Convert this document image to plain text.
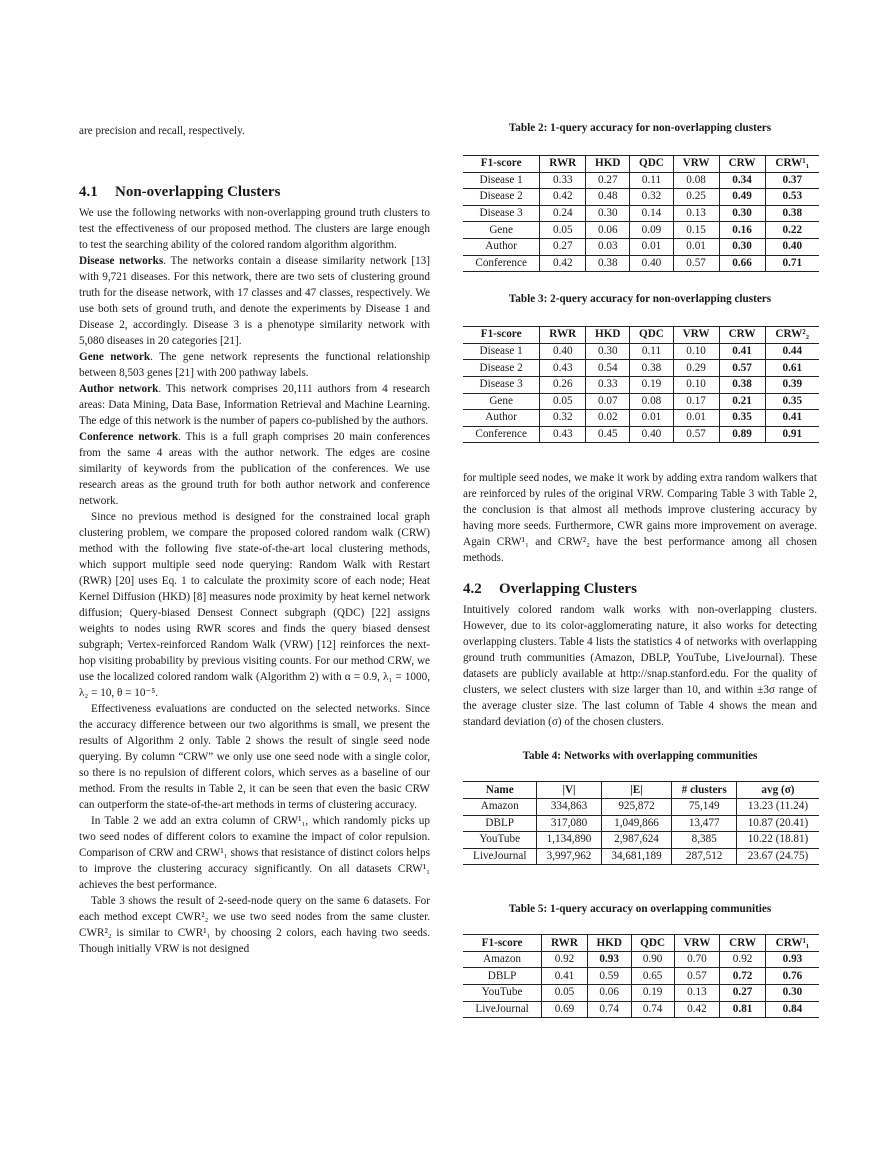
are precision and recall, respectively.

4.1 Non-overlapping Clusters

We use the following networks with non-overlapping ground truth clusters to test the effectiveness of our proposed method. The clusters are large enough to test the searching ability of the colored random algorithm algorithm.

Disease networks. The networks contain a disease similarity network [13] with 9,721 diseases. For this network, there are two sets of clustering ground truth for the disease network, with 17 classes and 47 classes, respectively. We use both sets of ground truth, and denote the experiments by Disease 1 and Disease 2, accordingly. Disease 3 is a phenotype similarity network with 5,080 diseases in 20 categories [21].

Gene network. The gene network represents the functional relationship between 8,503 genes [21] with 200 pathway labels.

Author network. This network comprises 20,111 authors from 4 research areas: Data Mining, Data Base, Information Retrieval and Machine Learning. The edge of this network is the number of papers co-published by the authors.

Conference network. This is a full graph comprises 20 main conferences from the same 4 areas with the author network. The edges are cosine similarity of keywords from the publication of the conferences. We use research areas as the ground truth for both author network and conference network.

Since no previous method is designed for the constrained local graph clustering problem, we compare the proposed colored random walk (CRW) method with the following five state-of-the-art local clustering methods, which support multiple seed node querying: Random Walk with Restart (RWR) [20] uses Eq. 1 to calculate the proximity score of each node; Heat Kernel Diffusion (HKD) [8] measures node proximity by heat kernel network diffusion; Query-biased Densest Connect subgraph (QDC) [22] assigns weights to nodes using RWR scores and finds the query biased densest subgraph; Vertex-reinforced Random Walk (VRW) [12] reinforces the next-hop visiting probability by previous visiting counts. For our method CRW, we use the localized colored random walk (Algorithm 2) with α = 0.9, λ₁ = 1000, λ₂ = 10, θ = 10⁻⁵.

Effectiveness evaluations are conducted on the selected networks. Since the accuracy difference between our two algorithms is small, we present the results of Algorithm 2 only. Table 2 shows the result of single seed node querying. By column “CRW” we only use one seed node with a single color, so there is no repulsion of different colors, which serves as a baseline of our method. From the results in Table 2, it can be seen that even the basic CRW can outperform the state-of-the-art methods in terms of clustering accuracy.

In Table 2 we add an extra column of CRW¹₁, which randomly picks up two seed nodes of different colors to examine the impact of color repulsion. Comparison of CRW and CRW¹₁ shows that resistance of distinct colors helps to improve the clustering accuracy significantly. On all datasets CRW¹₁ achieves the best performance.

Table 3 shows the result of 2-seed-node query on the same 6 datasets. For each method except CWR²₂ we use two seed nodes from the same cluster. CWR²₂ is similar to CWR¹₁ by choosing 2 colors, each having two seeds. Though initially VRW is not designed

Table 2: 1-query accuracy for non-overlapping clusters
F1-score	RWR	HKD	QDC	VRW	CRW	CRW¹₁
Disease 1	0.33	0.27	0.11	0.08	0.34	0.37
Disease 2	0.42	0.48	0.32	0.25	0.49	0.53
Disease 3	0.24	0.30	0.14	0.13	0.30	0.38
Gene	0.05	0.06	0.09	0.15	0.16	0.22
Author	0.27	0.03	0.01	0.01	0.30	0.40
Conference	0.42	0.38	0.40	0.57	0.66	0.71
Table 3: 2-query accuracy for non-overlapping clusters
F1-score	RWR	HKD	QDC	VRW	CRW	CRW²₂
Disease 1	0.40	0.30	0.11	0.10	0.41	0.44
Disease 2	0.43	0.54	0.38	0.29	0.57	0.61
Disease 3	0.26	0.33	0.19	0.10	0.38	0.39
Gene	0.05	0.07	0.08	0.17	0.21	0.35
Author	0.32	0.02	0.01	0.01	0.35	0.41
Conference	0.43	0.45	0.40	0.57	0.89	0.91

for multiple seed nodes, we make it work by adding extra random walkers that are reinforced by rules of the original VRW. Comparing Table 3 with Table 2, the conclusion is that almost all methods improve clustering accuracy by having more seeds. Furthermore, CWR gains more improvement on average. Again CRW¹₁ and CRW²₂ have the best performance among all chosen methods.

4.2 Overlapping Clusters

Intuitively colored random walk works with non-overlapping clusters. However, due to its color-agglomerating nature, it also works for detecting overlapping clusters. Table 4 lists the statistics 4 of networks with overlapping ground truth communities (Amazon, DBLP, YouTube, LiveJournal). These datasets are publicly available at http://snap.stanford.edu. For the quality of clusters, we select clusters with size larger than 10, and within ±3σ range of the average cluster size. The last column of Table 4 shows the mean and standard deviation (σ) of the chosen clusters.

Table 4: Networks with overlapping communities
Name	|V|	|E|	# clusters	avg (σ)
Amazon	334,863	925,872	75,149	13.23 (11.24)
DBLP	317,080	1,049,866	13,477	10.87 (20.41)
YouTube	1,134,890	2,987,624	8,385	10.22 (18.81)
LiveJournal	3,997,962	34,681,189	287,512	23.67 (24.75)
Table 5: 1-query accuracy on overlapping communities
F1-score	RWR	HKD	QDC	VRW	CRW	CRW¹₁
Amazon	0.92	0.93	0.90	0.70	0.92	0.93
DBLP	0.41	0.59	0.65	0.57	0.72	0.76
YouTube	0.05	0.06	0.19	0.13	0.27	0.30
LiveJournal	0.69	0.74	0.74	0.42	0.81	0.84
